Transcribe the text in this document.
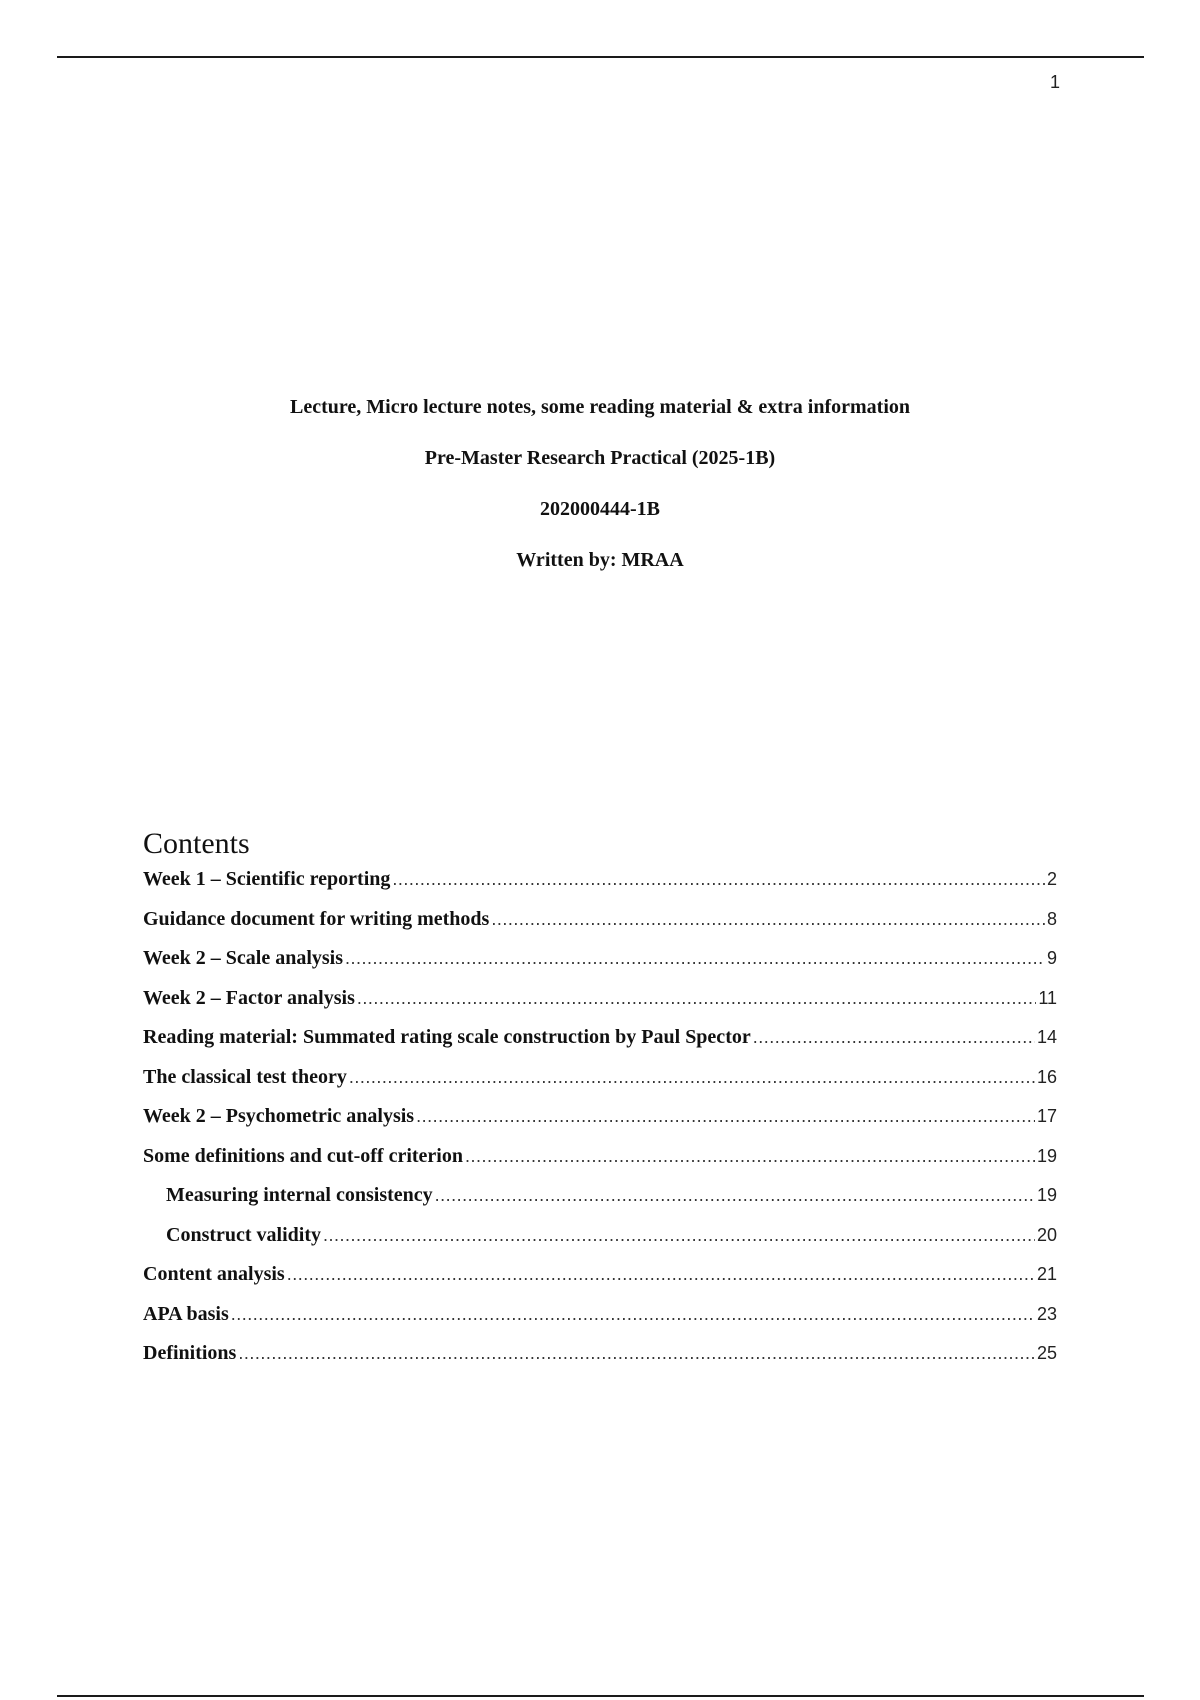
1

Lecture, Micro lecture notes, some reading material & extra information

Pre-Master Research Practical (2025-1B)

202000444-1B

Written by: MRAA

Contents
Week 1 – Scientific reporting .....	2
Guidance document for writing methods .....	8
Week 2 – Scale analysis .....	9
Week 2 – Factor analysis .....	11
Reading material: Summated rating scale construction by Paul Spector .....	14
The classical test theory .....	16
Week 2 – Psychometric analysis .....	17
Some definitions and cut-off criterion .....	19
Measuring internal consistency .....	19
Construct validity .....	20
Content analysis .....	21
APA basis .....	23
Definitions .....	25
